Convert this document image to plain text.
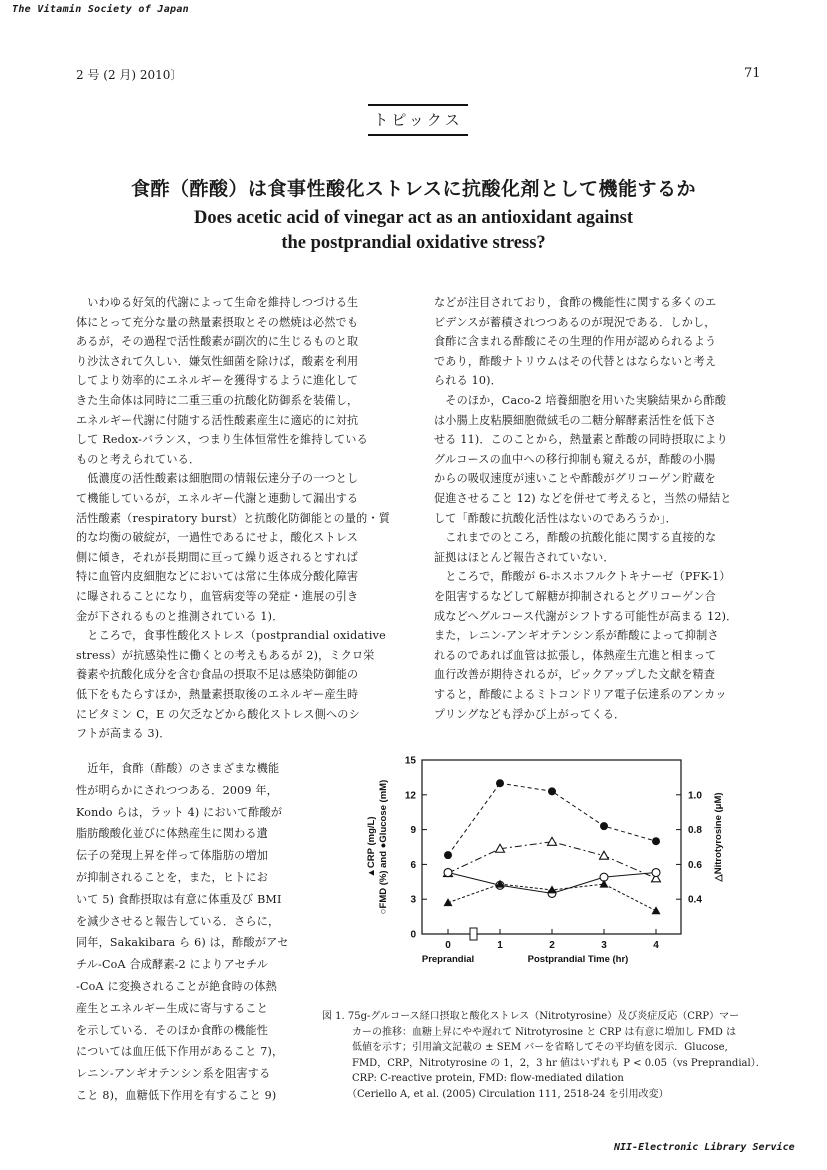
The Vitamin Society of Japan
2 号 (2 月) 2010〕	71
トピックス
食酢（酢酸）は食事性酸化ストレスに抗酸化剤として機能するか
Does acetic acid of vinegar act as an antioxidant against
the postprandial oxidative stress?
　いわゆる好気的代謝によって生命を維持しつづける生
体にとって充分な量の熱量素摂取とその燃焼は必然でも
あるが，その過程で活性酸素が副次的に生じるものと取
り沙汰されて久しい．嫌気性細菌を除けば，酸素を利用
してより効率的にエネルギーを獲得するように進化して
きた生命体は同時に二重三重の抗酸化防御系を装備し，
エネルギー代謝に付随する活性酸素産生に適応的に対抗
して Redox-バランス，つまり生体恒常性を維持している
ものと考えられている．
　低濃度の活性酸素は細胞間の情報伝達分子の一つとし
て機能しているが，エネルギー代謝と連動して漏出する
活性酸素（respiratory burst）と抗酸化防御能との量的・質
的な均衡の破綻が，一過性であるにせよ，酸化ストレス
側に傾き，それが長期間に亘って繰り返されるとすれば
特に血管内皮細胞などにおいては常に生体成分酸化障害
に曝されることになり，血管病変等の発症・進展の引き
金が下されるものと推測されている 1)．
　ところで，食事性酸化ストレス（postprandial oxidative
stress）が抗感染性に働くとの考えもあるが 2)，ミクロ栄
養素や抗酸化成分を含む食品の摂取不足は感染防御能の
低下をもたらすほか，熱量素摂取後のエネルギー産生時
にビタミン C，E の欠乏などから酸化ストレス側へのシ
フトが高まる 3)．
　近年，食酢（酢酸）のさまざまな機能
性が明らかにされつつある．2009 年，
Kondo らは，ラット 4) において酢酸が
脂肪酸酸化並びに体熱産生に関わる遺
伝子の発現上昇を伴って体脂肪の増加
が抑制されることを，また，ヒトにお
いて 5) 食酢摂取は有意に体重及び BMI
を減少させると報告している．さらに，
同年，Sakakibara ら 6) は，酢酸がアセ
チル-CoA 合成酵素-2 によりアセチル
-CoA に変換されることが絶食時の体熱
産生とエネルギー生成に寄与すること
を示している．そのほか食酢の機能性
については血圧低下作用があること 7)，
レニン-アンギオテンシン系を阻害する
こと 8)，血糖低下作用を有すること 9)
などが注目されており，食酢の機能性に関する多くのエ
ビデンスが蓄積されつつあるのが現況である．しかし，
食酢に含まれる酢酸にその生理的作用が認められるよう
であり，酢酸ナトリウムはその代替とはならないと考え
られる 10)．
　そのほか，Caco-2 培養細胞を用いた実験結果から酢酸
は小腸上皮粘膜細胞微絨毛の二糖分解酵素活性を低下さ
せる 11)．このことから，熱量素と酢酸の同時摂取により
グルコースの血中への移行抑制も窺えるが，酢酸の小腸
からの吸収速度が速いことや酢酸がグリコーゲン貯蔵を
促進させること 12) などを併せて考えると，当然の帰結と
して「酢酸に抗酸化活性はないのであろうか」．
　これまでのところ，酢酸の抗酸化能に関する直接的な
証拠はほとんど報告されていない．
　ところで，酢酸が 6-ホスホフルクトキナーゼ（PFK-1）
を阻害するなどして解糖が抑制されるとグリコーゲン合
成などへグルコース代謝がシフトする可能性が高まる 12)．
また，レニン-アンギオテンシン系が酢酸によって抑制さ
れるのであれば血管は拡張し，体熱産生亢進と相まって
血行改善が期待されるが，ピックアップした文献を精査
すると，酢酸によるミトコンドリア電子伝達系のアンカッ
プリングなども浮かび上がってくる．
0
3
6
9
12
15
0.4
0.6
0.8
1.0
0	1	2	3	4
Preprandial	Postprandial Time (hr)
▲CRP (mg/L) ○FMD (%) and ●Glucose (mM)	△Nitrotyrosine (μM)
図 1. 75g-グルコース経口摂取と酸化ストレス（Nitrotyrosine）及び炎症反応（CRP）マー
　　　カーの推移：血糖上昇にやや遅れて Nitrotyrosine と CRP は有意に増加し FMD は
　　　低値を示す；引用論文記載の ± SEM バーを省略してその平均値を図示．Glucose,
　　　FMD，CRP，Nitrotyrosine の 1，2，3 hr 値はいずれも P < 0.05（vs Preprandial）．
　　　CRP: C-reactive protein, FMD: flow-mediated dilation
　　　（Ceriello A, et al. (2005) Circulation 111, 2518-24 を引用改変）
NII-Electronic Library Service
